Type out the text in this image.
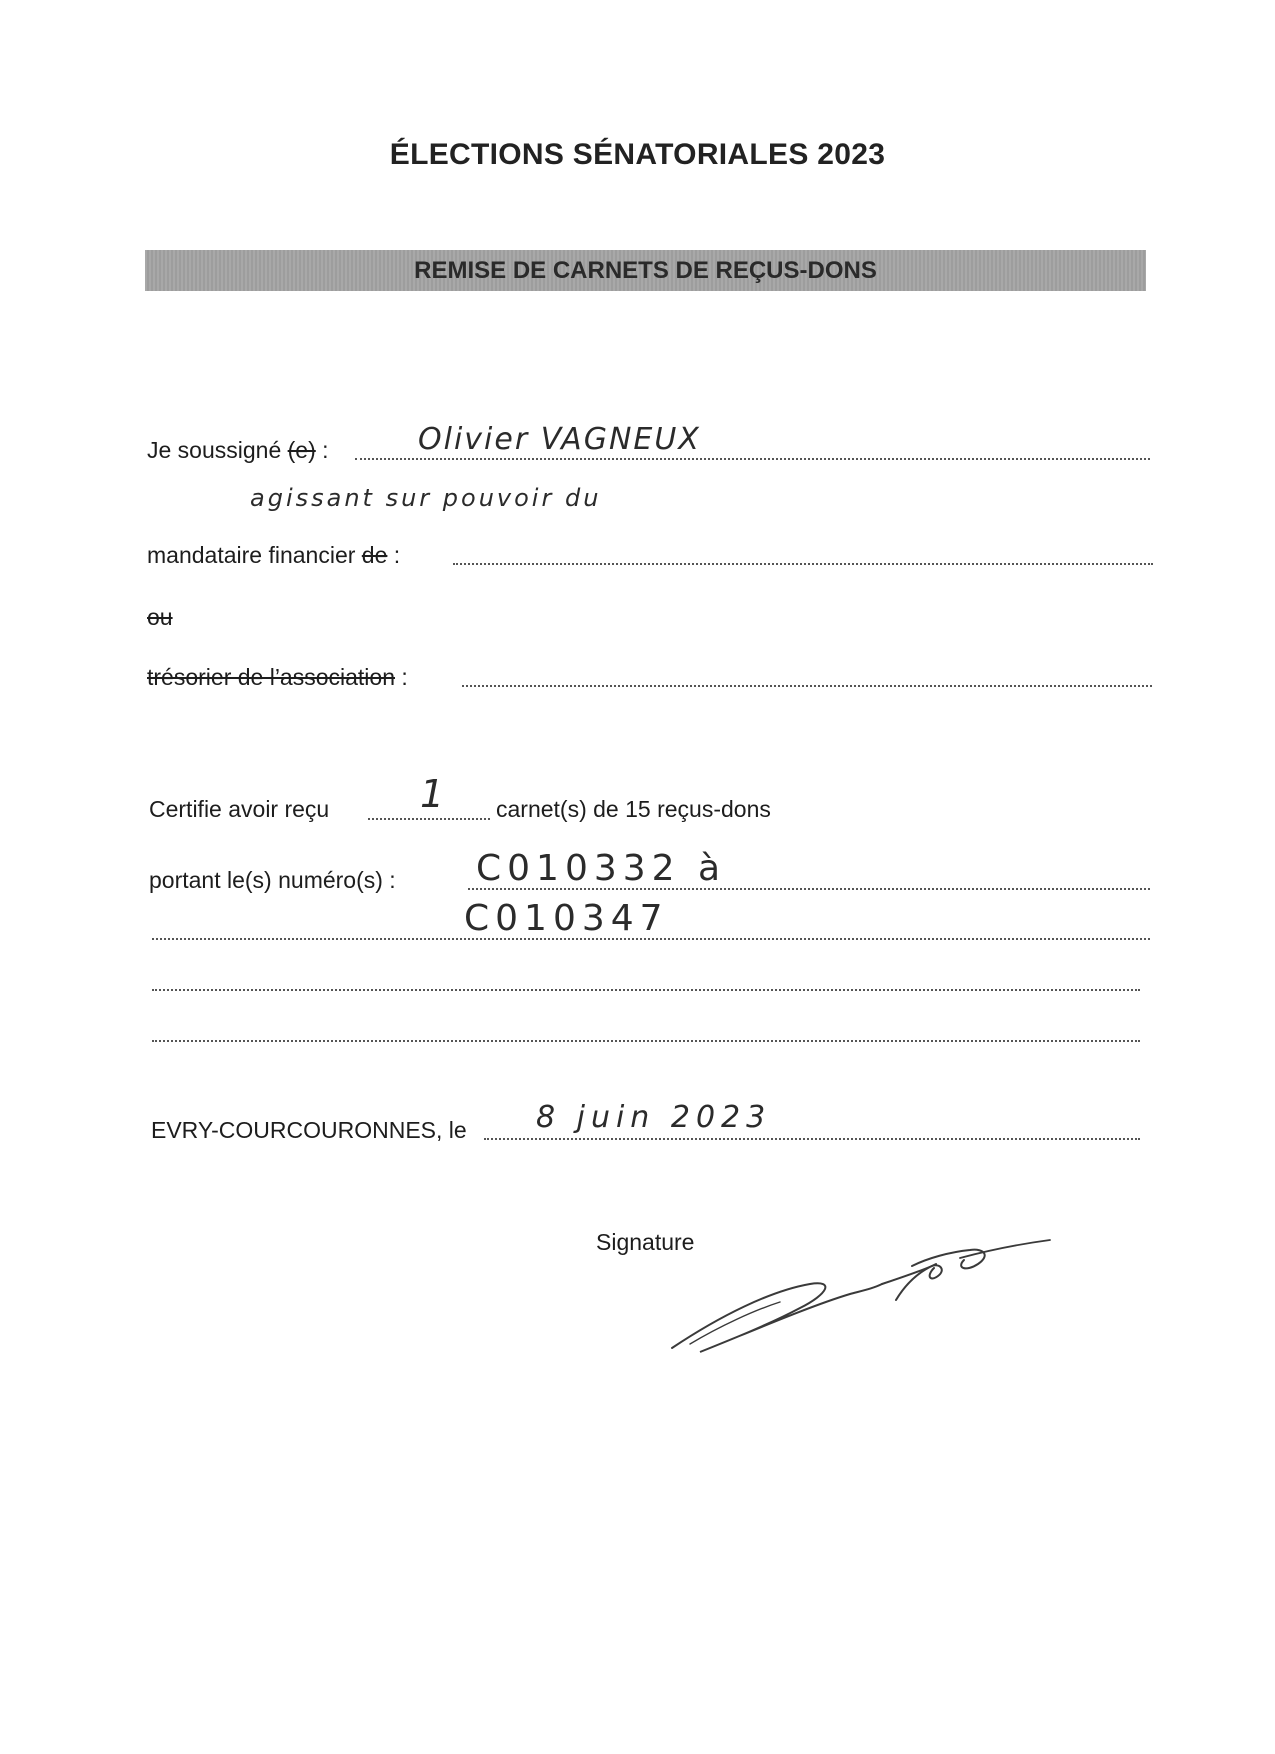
ÉLECTIONS SÉNATORIALES 2023
REMISE DE CARNETS DE REÇUS-DONS
Je soussigné (e) :	Olivier VAGNEUX
agissant sur pouvoir du
mandataire financier de :
ou
trésorier de l’association :
Certifie avoir reçu 1 carnet(s) de 15 reçus-dons
portant le(s) numéro(s) : C010332 à
C010347
EVRY-COURCOURONNES, le 8 juin 2023
Signature
